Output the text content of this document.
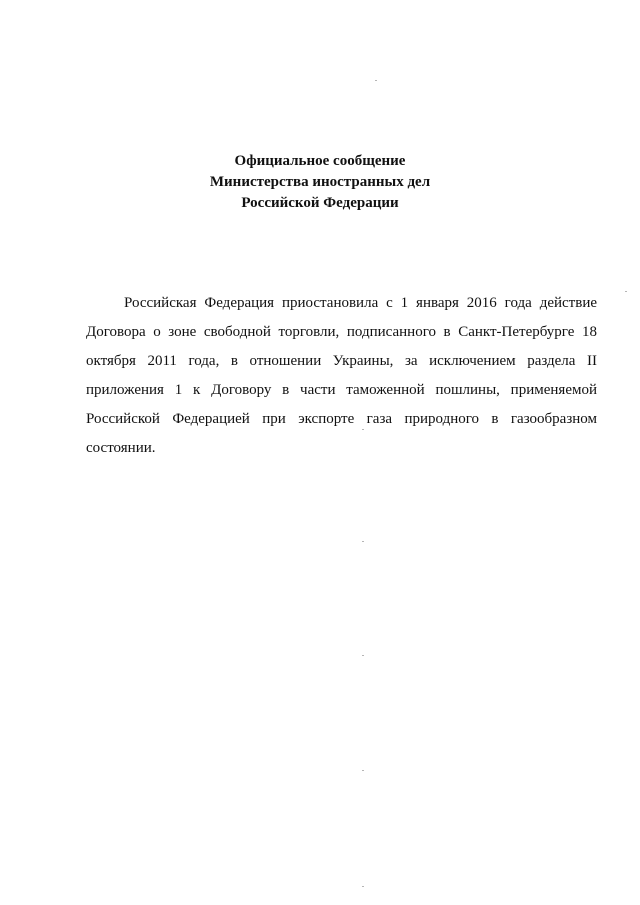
Официальное сообщение
Министерства иностранных дел
Российской Федерации

Российская Федерация приостановила с 1 января 2016 года действие Договора о зоне свободной торговли, подписанного в Санкт-Петербурге 18 октября 2011 года, в отношении Украины, за исключением раздела II приложения 1 к Договору в части таможенной пошлины, применяемой Российской Федерацией при экспорте газа природного в газообразном состоянии.
